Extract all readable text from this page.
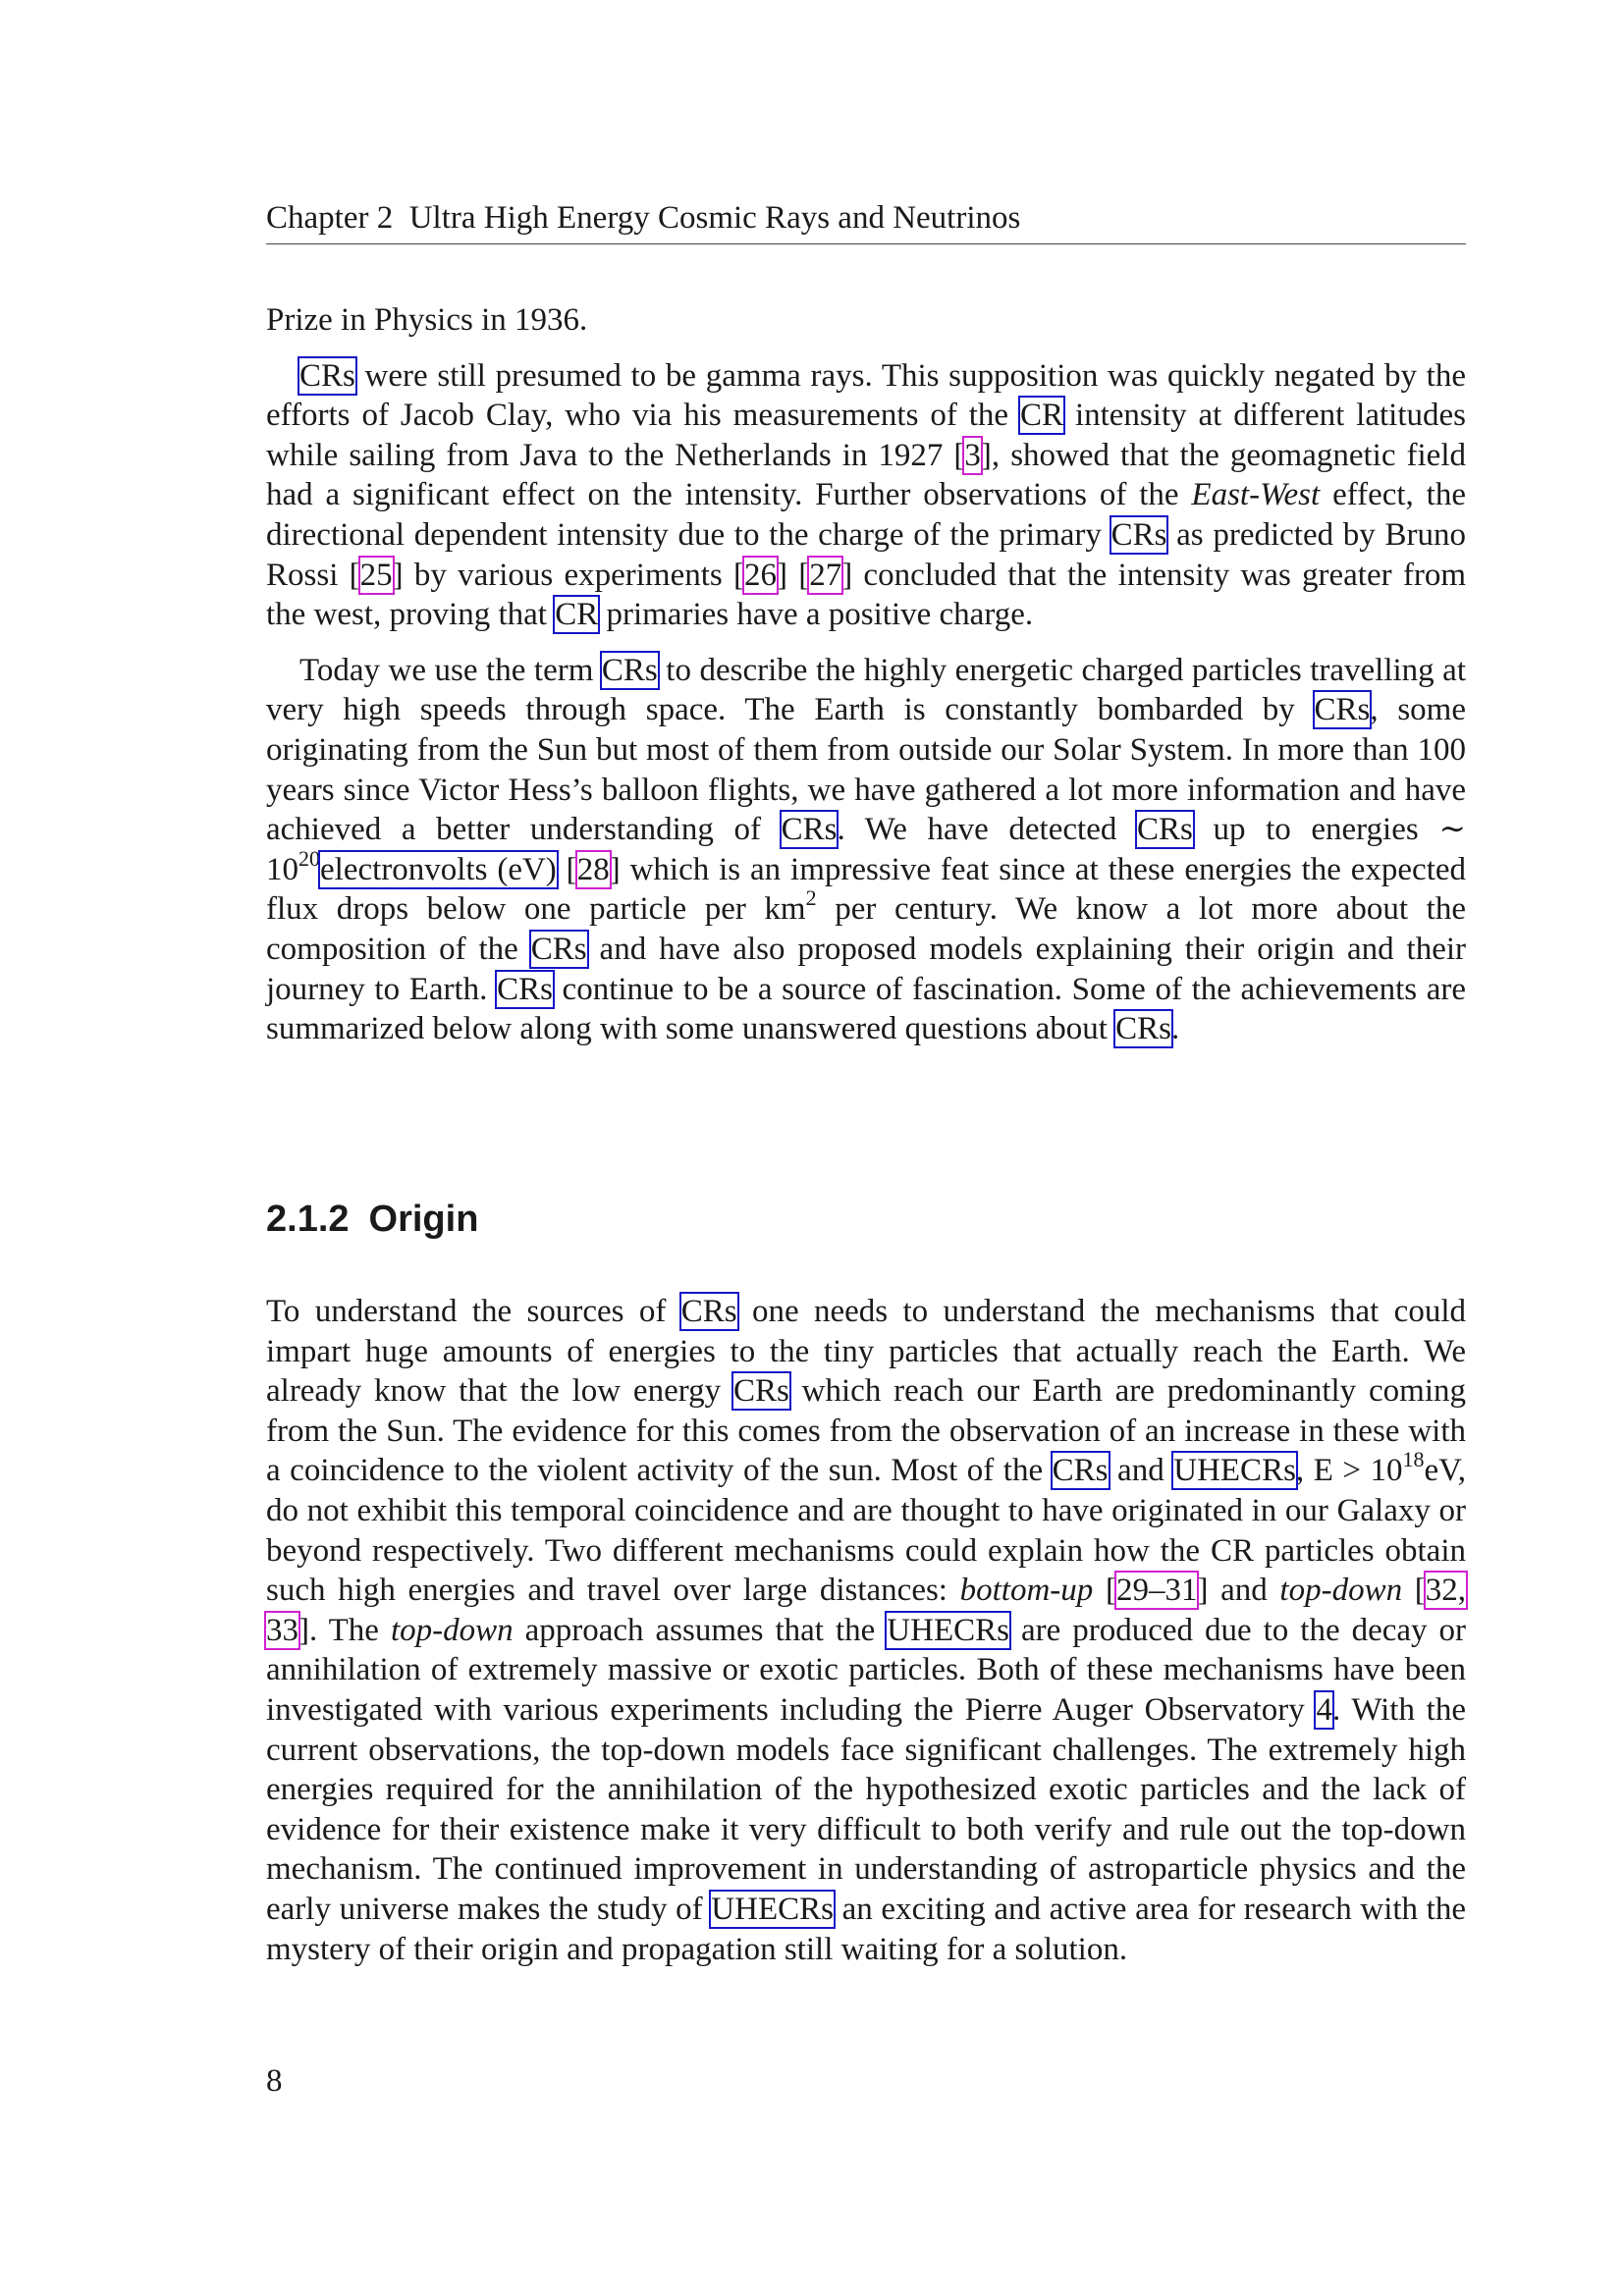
Chapter 2 Ultra High Energy Cosmic Rays and Neutrinos

Prize in Physics in 1936.

CRs were still presumed to be gamma rays. This supposition was quickly negated by the efforts of Jacob Clay, who via his measurements of the CR intensity at different latitudes while sailing from Java to the Netherlands in 1927 [3], showed that the geomagnetic field had a significant effect on the intensity. Further observations of the East-West effect, the directional dependent intensity due to the charge of the primary CRs as predicted by Bruno Rossi [25] by various experiments [26] [27] concluded that the intensity was greater from the west, proving that CR primaries have a positive charge.

Today we use the term CRs to describe the highly energetic charged particles travelling at very high speeds through space. The Earth is constantly bombarded by CRs, some originating from the Sun but most of them from outside our Solar System. In more than 100 years since Victor Hess’s balloon flights, we have gathered a lot more information and have achieved a better understanding of CRs. We have detected CRs up to energies ∼ $10^{20}electronvolts$ (eV) [28] which is an impressive feat since at these energies the expected flux drops below one particle per $km^2$ per century. We know a lot more about the composition of the CRs and have also proposed models explaining their origin and their journey to Earth. CRs continue to be a source of fascination. Some of the achievements are summarized below along with some unanswered questions about CRs.

2.1.2 Origin

To understand the sources of CRs one needs to understand the mechanisms that could impart huge amounts of energies to the tiny particles that actually reach the Earth. We already know that the low energy CRs which reach our Earth are predominantly coming from the Sun. The evidence for this comes from the observation of an increase in these with a coincidence to the violent activity of the sun. Most of the CRs and UHECRs, $E > 10^{18}eV$, do not exhibit this temporal coincidence and are thought to have originated in our Galaxy or beyond respectively. Two different mechanisms could explain how the CR particles obtain such high energies and travel over large distances: bottom-up [29–31] and top-down [32, 33]. The top-down approach assumes that the UHECRs are produced due to the decay or annihilation of extremely massive or exotic particles. Both of these mechanisms have been investigated with various experiments including the Pierre Auger Observatory 4. With the current observations, the top-down models face significant challenges. The extremely high energies required for the annihilation of the hypothesized exotic particles and the lack of evidence for their existence make it very difficult to both verify and rule out the top-down mechanism. The continued improvement in understanding of astroparticle physics and the early universe makes the study of UHECRs an exciting and active area for research with the mystery of their origin and propagation still waiting for a solution.

8
